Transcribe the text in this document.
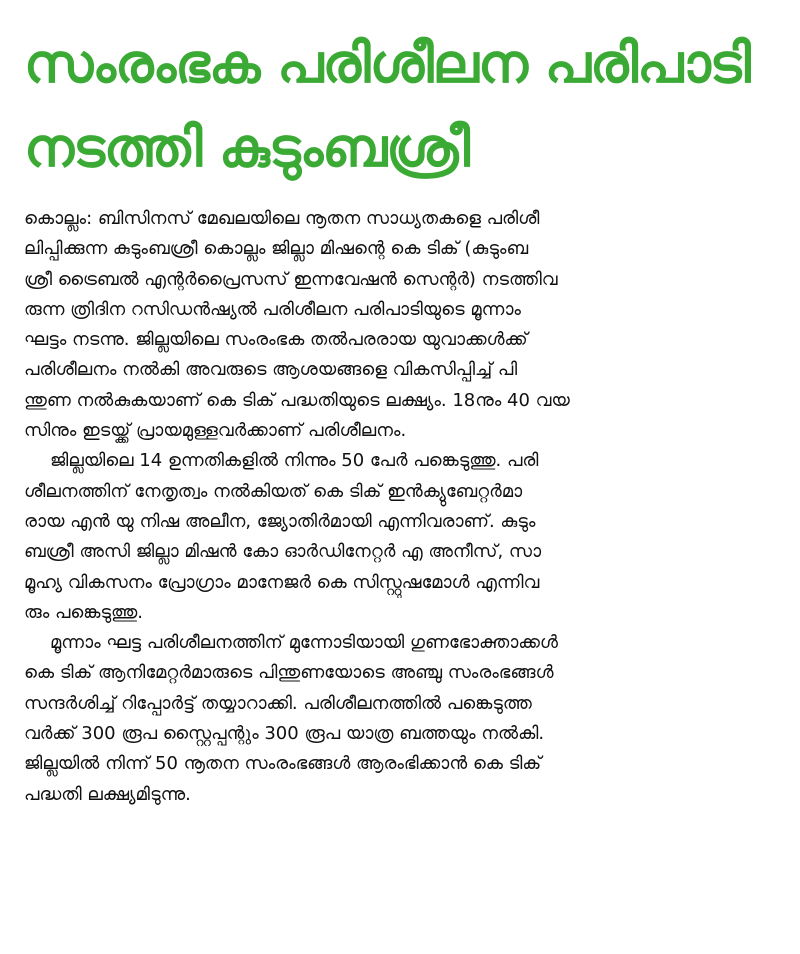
സംരംഭക പരിശീലന പരിപാടി
നടത്തി കുടുംബശ്രീ

കൊല്ലം: ബിസിനസ് മേഖലയിലെ നൂതന സാധ്യതകളെ പരിശീ
ലിപ്പിക്കുന്ന കുടുംബശ്രീ കൊല്ലം ജില്ലാ മിഷന്റെ കെ ടിക് (കുടുംബ
ശ്രീ ട്രൈബൽ എന്റർപ്രൈസസ് ഇന്നവേഷൻ സെന്റർ) നടത്തിവ
രുന്ന ത്രിദിന റസിഡൻഷ്യൽ പരിശീലന പരിപാടിയുടെ മൂന്നാം
ഘട്ടം നടന്നു. ജില്ലയിലെ സംരംഭക തൽപരരായ യുവാക്കൾക്ക്
പരിശീലനം നൽകി അവരുടെ ആശയങ്ങളെ വികസിപ്പിച്ച് പി
ന്തുണ നൽകുകയാണ് കെ ടിക് പദ്ധതിയുടെ ലക്ഷ്യം. 18നും 40 വയ
സിനും ഇടയ്ക്ക് പ്രായമുള്ളവർക്കാണ് പരിശീലനം.

ജില്ലയിലെ 14 ഉന്നതികളിൽ നിന്നും 50 പേർ പങ്കെടുത്തു. പരി
ശീലനത്തിന് നേതൃത്വം നൽകിയത് കെ ടിക് ഇൻക്യുബേറ്റർമാ
രായ എൻ യു നിഷ അലീന, ജ്യോതിർമായി എന്നിവരാണ്. കുടും
ബശ്രീ അസി ജില്ലാ മിഷൻ കോ ഓർഡിനേറ്റർ എ അനീസ്, സാ
മൂഹ്യ വികസനം പ്രോഗ്രാം മാനേജർ കെ സിസ്റ്റുഷമോൾ എന്നിവ
രും പങ്കെടുത്തു.

മൂന്നാം ഘട്ട പരിശീലനത്തിന് മുന്നോടിയായി ഗുണഭോക്താക്കൾ
കെ ടിക് ആനിമേറ്റർമാരുടെ പിന്തുണയോടെ അഞ്ചു സംരംഭങ്ങൾ
സന്ദർശിച്ച് റിപ്പോർട്ട് തയ്യാറാക്കി. പരിശീലനത്തിൽ പങ്കെടുത്ത
വർക്ക് 300 രൂപ സ്റ്റൈപ്പന്റും 300 രൂപ യാത്ര ബത്തയും നൽകി.
ജില്ലയിൽ നിന്ന് 50 നൂതന സംരംഭങ്ങൾ ആരംഭിക്കാൻ കെ ടിക്
പദ്ധതി ലക്ഷ്യമിടുന്നു.
